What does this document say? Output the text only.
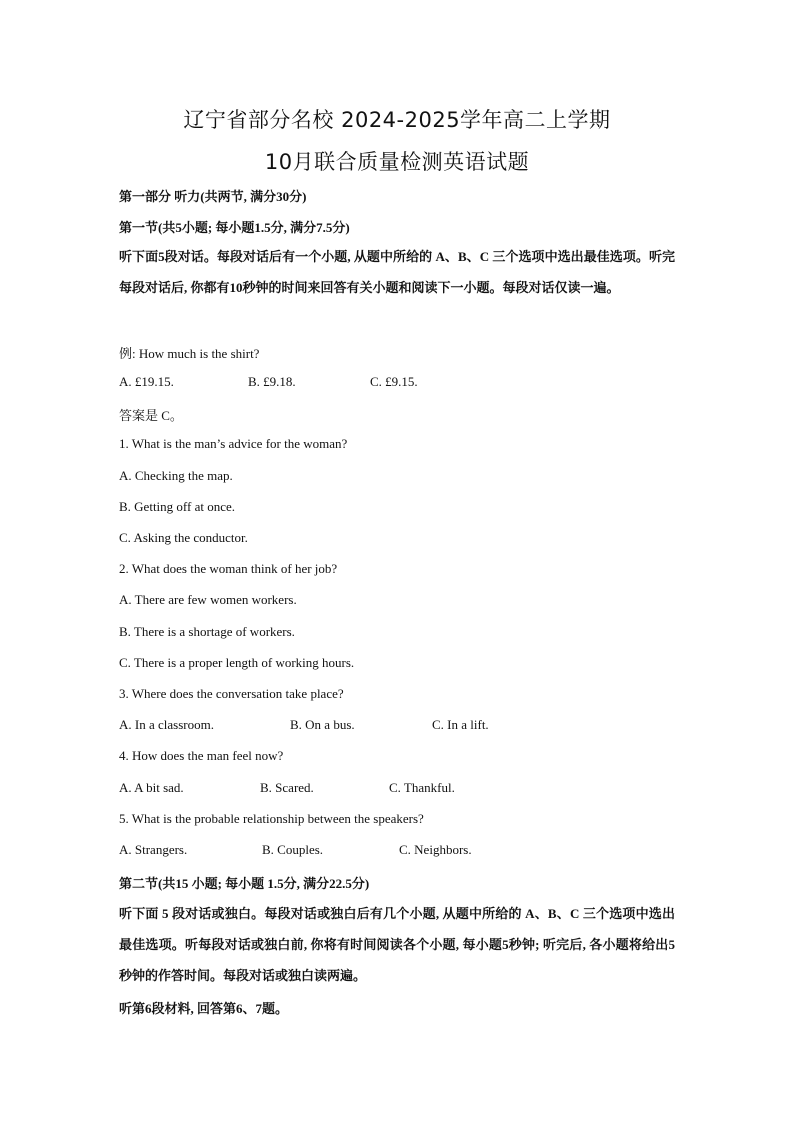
辽宁省部分名校 2024-2025学年高二上学期
10月联合质量检测英语试题
第一部分 听力(共两节, 满分30分)
第一节(共5小题; 每小题1.5分, 满分7.5分)
听下面5段对话。每段对话后有一个小题, 从题中所给的 A、B、C 三个选项中选出最佳选项。听完每段对话后, 你都有10秒钟的时间来回答有关小题和阅读下一小题。每段对话仅读一遍。
例: How much is the shirt?
A. £19.15.	B. £9.18.	C. £9.15.
答案是 C。
1. What is the man’s advice for the woman?
A. Checking the map.
B. Getting off at once.
C. Asking the conductor.
2. What does the woman think of her job?
A. There are few women workers.
B. There is a shortage of workers.
C. There is a proper length of working hours.
3. Where does the conversation take place?
A. In a classroom.	B. On a bus.	C. In a lift.
4. How does the man feel now?
A. A bit sad.	B. Scared.	C. Thankful.
5. What is the probable relationship between the speakers?
A. Strangers.	B. Couples.	C. Neighbors.
第二节(共15 小题; 每小题 1.5分, 满分22.5分)
听下面 5 段对话或独白。每段对话或独白后有几个小题, 从题中所给的 A、B、C 三个选项中选出最佳选项。听每段对话或独白前, 你将有时间阅读各个小题, 每小题5秒钟; 听完后, 各小题将给出5秒钟的作答时间。每段对话或独白读两遍。
听第6段材料, 回答第6、7题。
